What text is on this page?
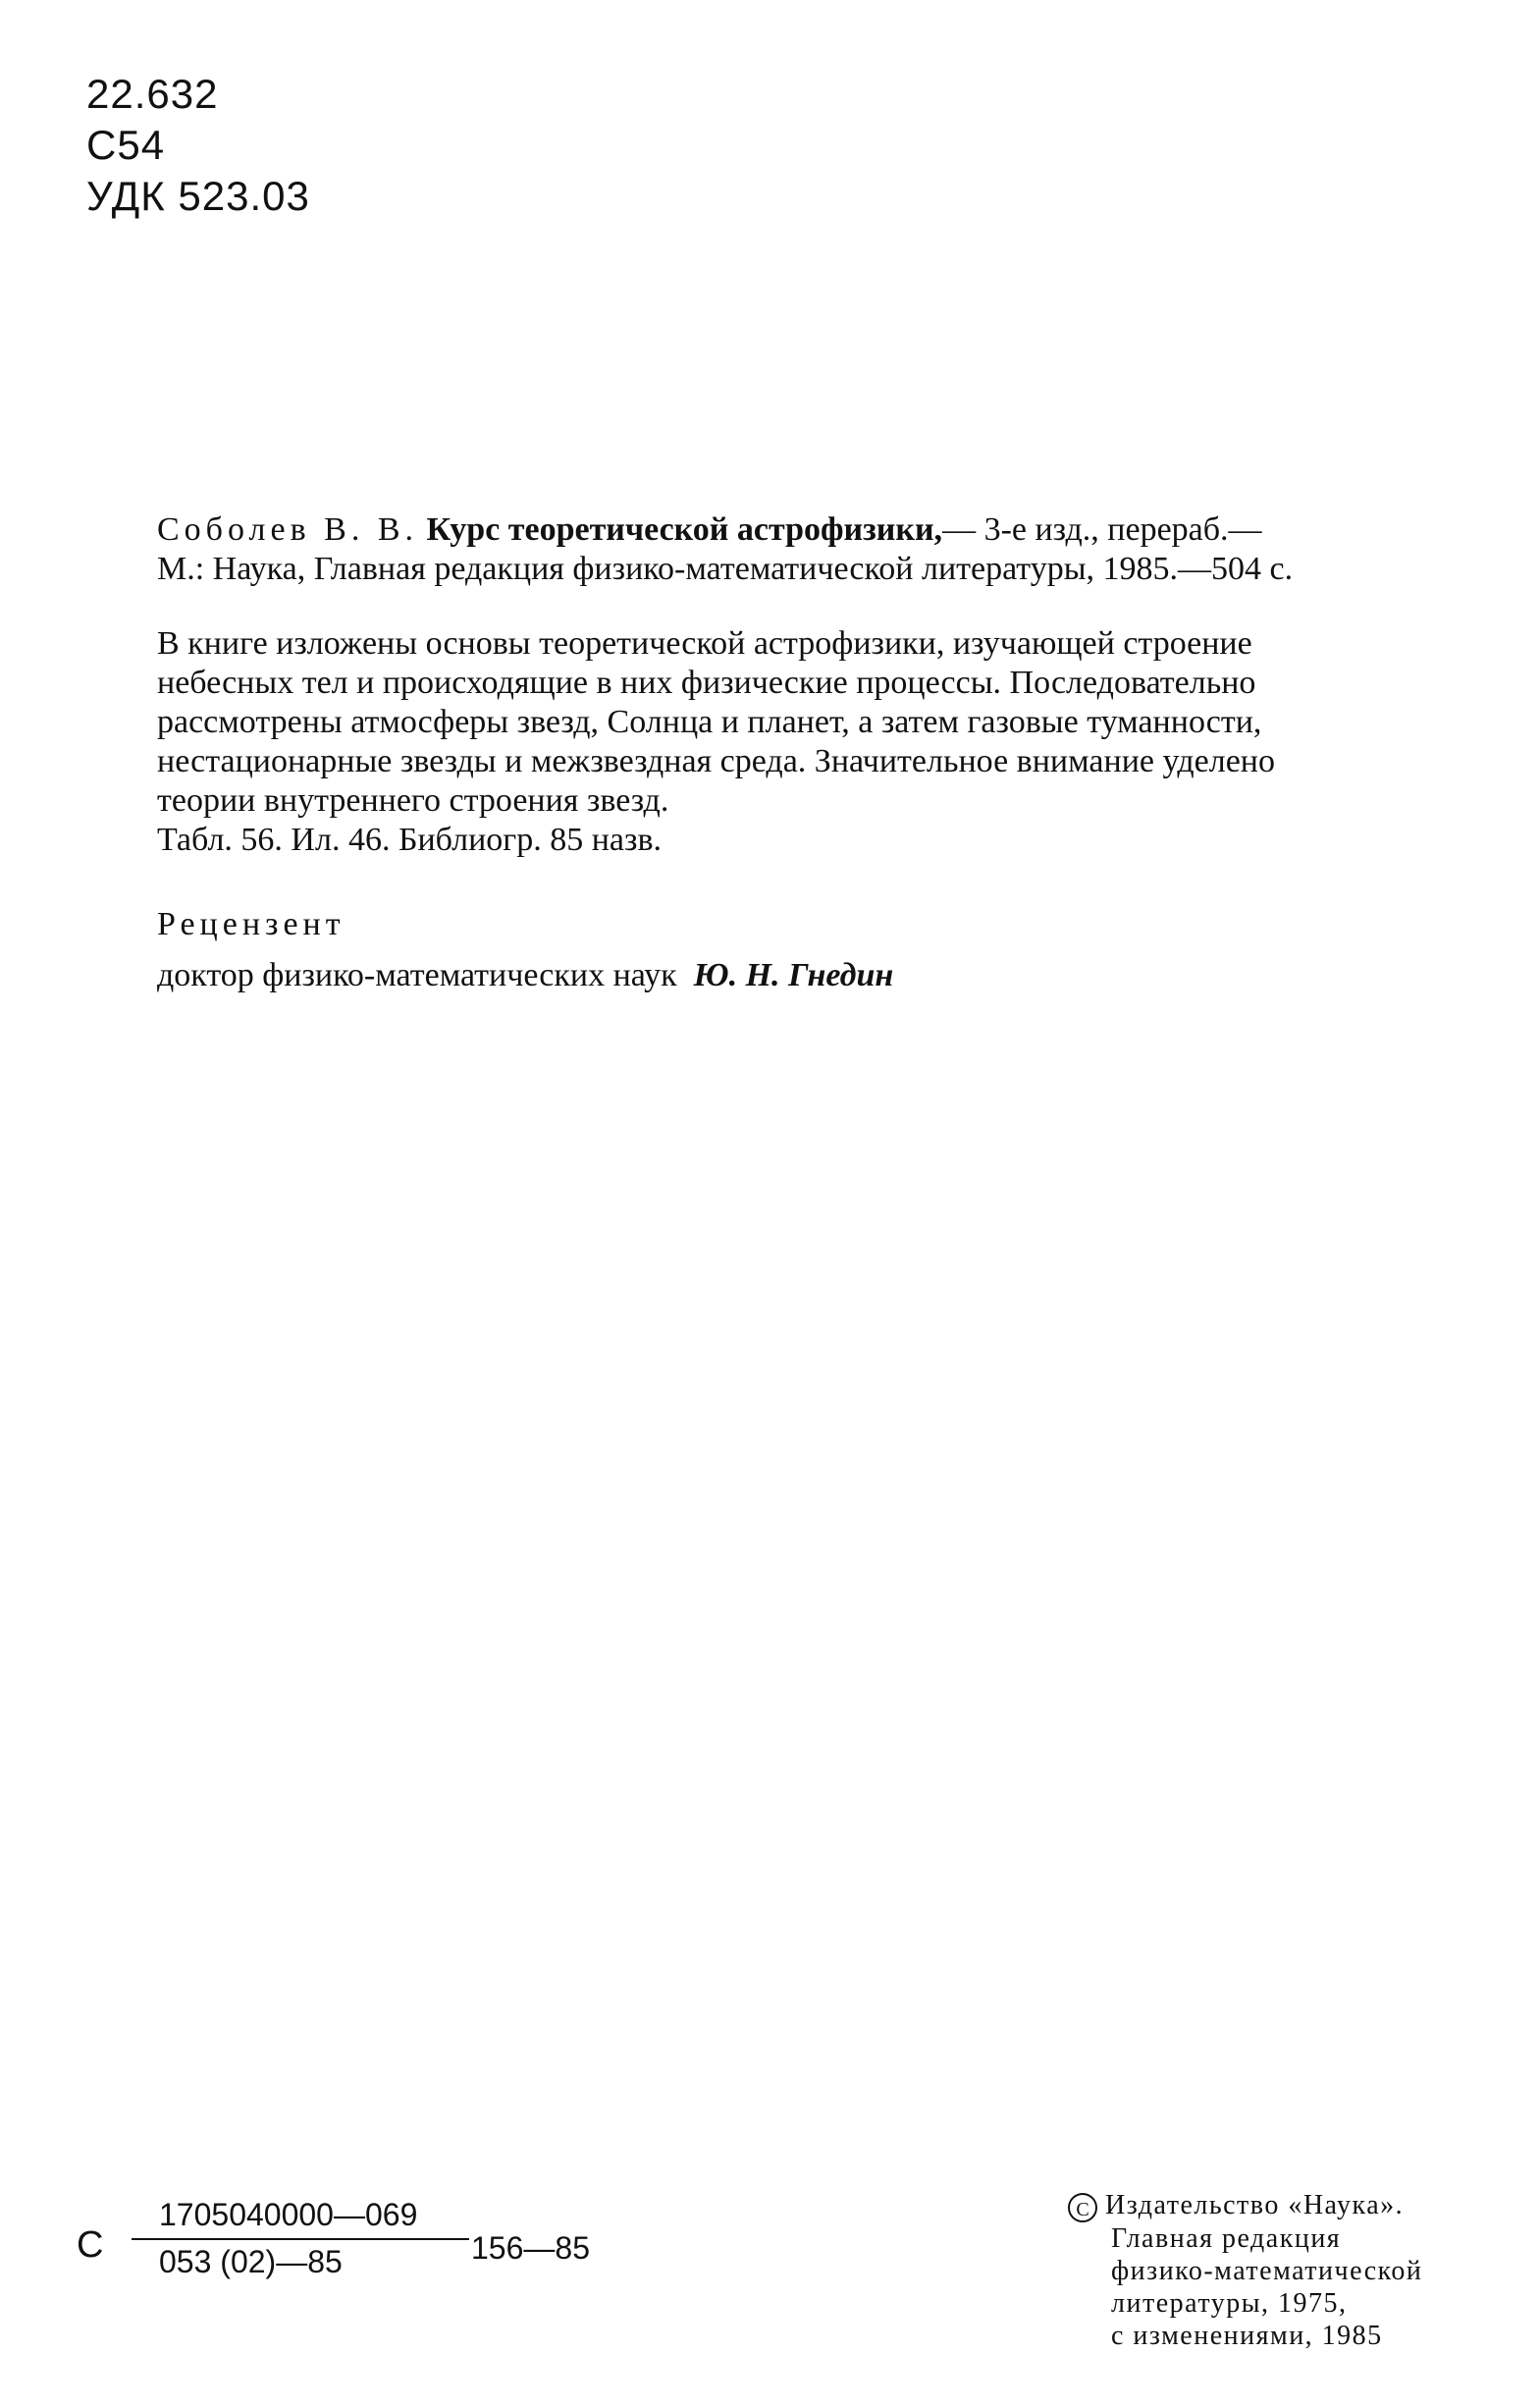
22.632
С54
УДК 523.03
Соболев В. В. Курс теоретической астрофизики,— 3-е изд., перераб.—
М.: Наука, Главная редакция физико-математической литературы, 1985.—504 с.
В книге изложены основы теоретической астрофизики, изучающей строение
небесных тел и происходящие в них физические процессы. Последовательно
рассмотрены атмосферы звезд, Солнца и планет, а затем газовые туманности,
нестационарные звезды и межзвездная среда. Значительное внимание уделено
теории внутреннего строения звезд.
Табл. 56. Ил. 46. Библиогр. 85 назв.
Рецензент
доктор физико-математических наук Ю. Н. Гнедин
С
1705040000—069
053 (02)—85	156—85
C Издательство «Наука».
Главная редакция
физико-математической
литературы, 1975,
с изменениями, 1985
